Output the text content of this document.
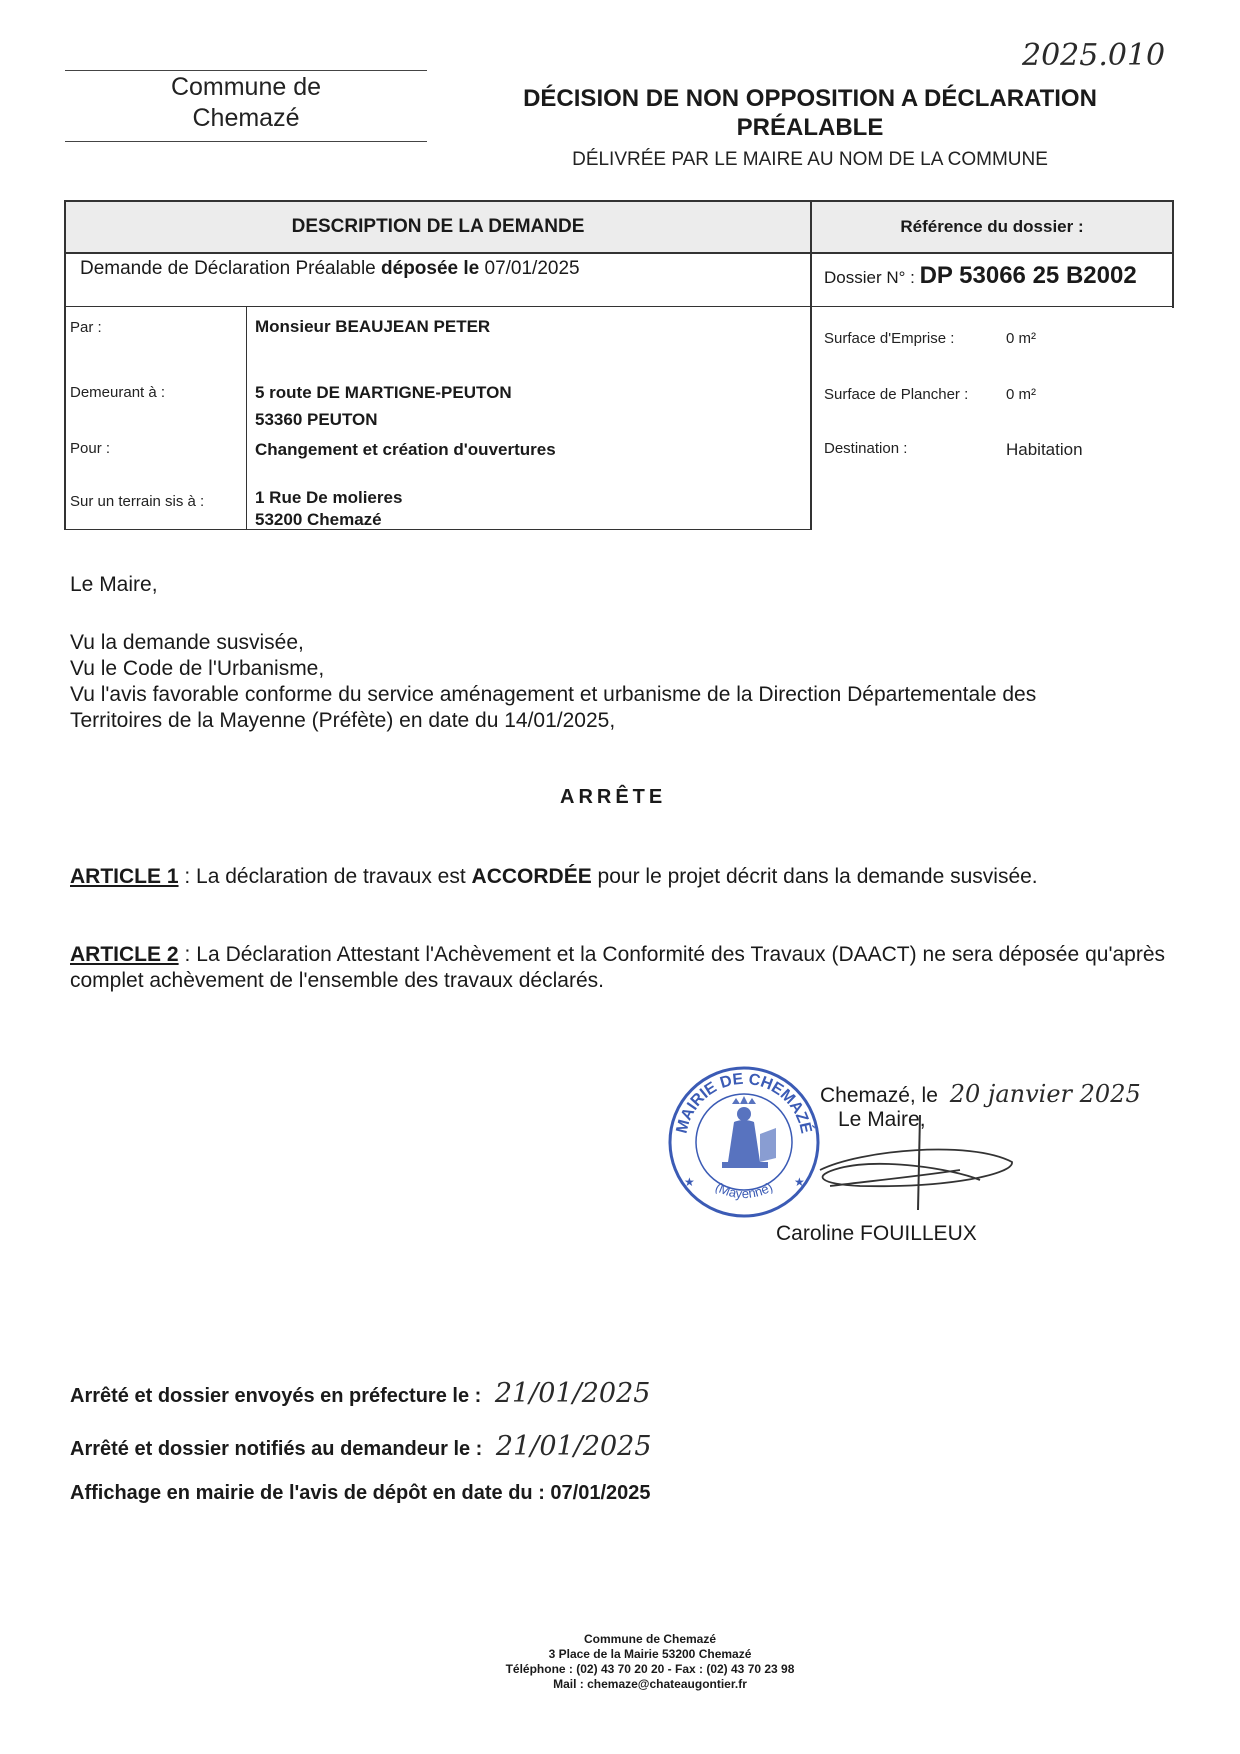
2025.010
Commune de
Chemazé
DÉCISION DE NON OPPOSITION A DÉCLARATION
PRÉALABLE
DÉLIVRÉE PAR LE MAIRE AU NOM DE LA COMMUNE
DESCRIPTION DE LA DEMANDE	Référence du dossier :
Demande de Déclaration Préalable déposée le 07/01/2025	Dossier N° : DP 53066 25 B2002
Par :	Monsieur BEAUJEAN PETER
Demeurant à :	5 route DE MARTIGNE-PEUTON
53360 PEUTON
Pour :	Changement et création d'ouvertures
Sur un terrain sis à :	1 Rue De molieres
53200 Chemazé
Surface d'Emprise :	0 m²
Surface de Plancher :	0 m²
Destination :	Habitation
Le Maire,
Vu la demande susvisée,
Vu le Code de l'Urbanisme,
Vu l'avis favorable conforme du service aménagement et urbanisme de la Direction Départementale des
Territoires de la Mayenne (Préfète) en date du 14/01/2025,
ARRÊTE
ARTICLE 1 : La déclaration de travaux est ACCORDÉE pour le projet décrit dans la demande susvisée.
ARTICLE 2 : La Déclaration Attestant l'Achèvement et la Conformité des Travaux (DAACT) ne sera déposée qu'après complet achèvement de l'ensemble des travaux déclarés.
MAIRIE DE CHEMAZÉ
(Mayenne)
★	★
Chemazé, le 20 janvier 2025
Le Maire,
Caroline FOUILLEUX
Arrêté et dossier envoyés en préfecture le : 21/01/2025
Arrêté et dossier notifiés au demandeur le : 21/01/2025
Affichage en mairie de l'avis de dépôt en date du : 07/01/2025
Commune de Chemazé
3 Place de la Mairie 53200 Chemazé
Téléphone : (02) 43 70 20 20 - Fax : (02) 43 70 23 98
Mail : chemaze@chateaugontier.fr
